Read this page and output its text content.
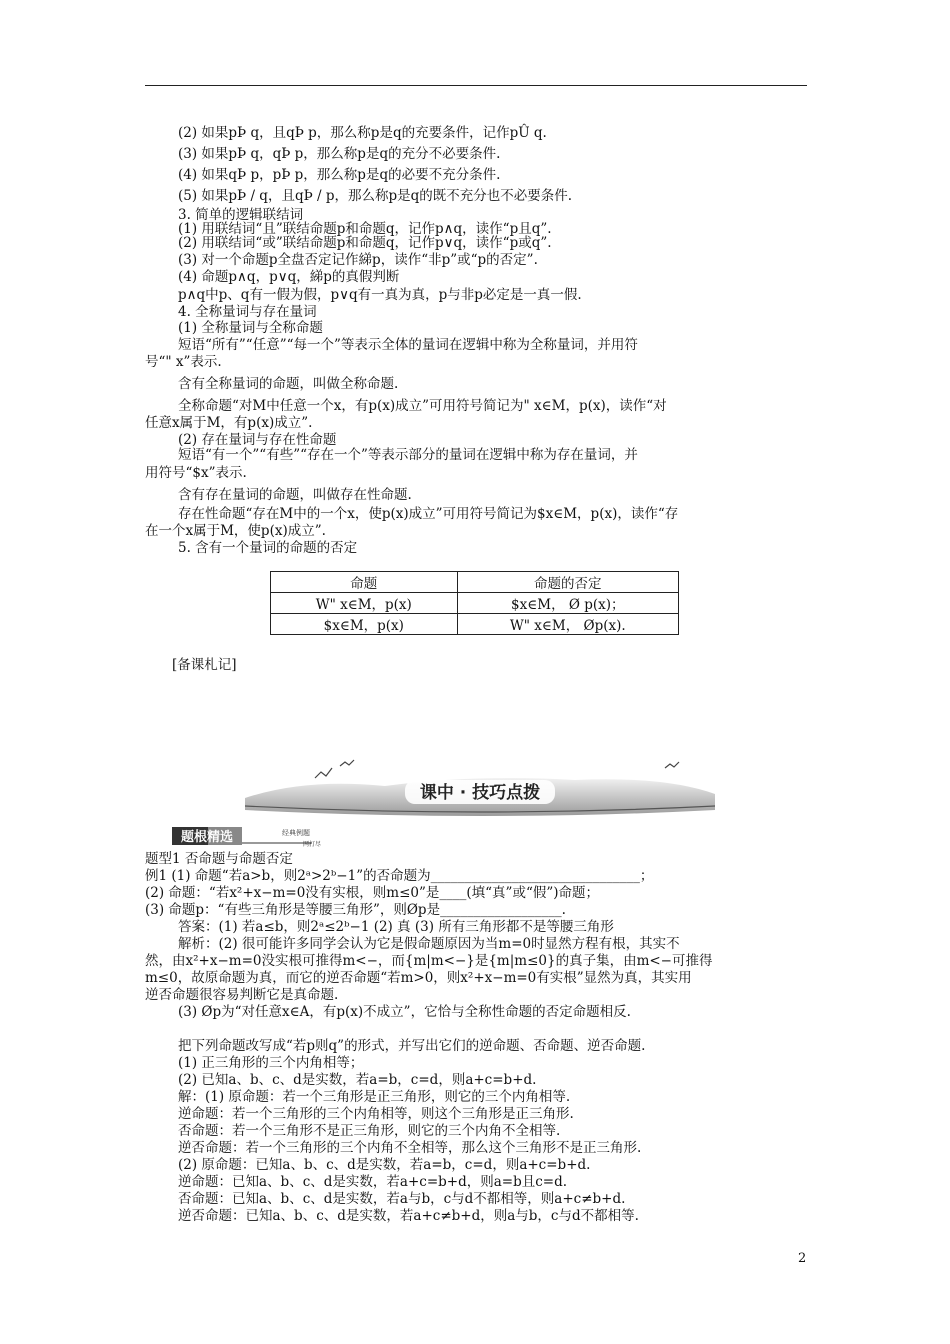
(2) 如果pÞ q，且qÞ p，那么称p是q的充要条件，记作pÛ q.
(3) 如果pÞ q，qÞ p，那么称p是q的充分不必要条件.
(4) 如果qÞ p，pÞ p，那么称p是q的必要不充分条件.
(5) 如果pÞ / q，且qÞ / p，那么称p是q的既不充分也不必要条件.
3. 简单的逻辑联结词
(1) 用联结词“且”联结命题p和命题q，记作p∧q，读作“p且q”.
(2) 用联结词“或”联结命题p和命题q，记作p∨q，读作“p或q”.
(3) 对一个命题p全盘否定记作綈p，读作“非p”或“p的否定”.
(4) 命题p∧q，p∨q，綈p的真假判断
p∧q中p、q有一假为假，p∨q有一真为真，p与非p必定是一真一假.
4. 全称量词与存在量词
(1) 全称量词与全称命题
短语“所有”“任意”“每一个”等表示全体的量词在逻辑中称为全称量词，并用符
号“" x”表示.
含有全称量词的命题，叫做全称命题.
全称命题“对M中任意一个x，有p(x)成立”可用符号简记为" x∈M，p(x)，读作“对
任意x属于M，有p(x)成立”.
(2) 存在量词与存在性命题
短语“有一个”“有些”“存在一个”等表示部分的量词在逻辑中称为存在量词，并
用符号“$x”表示.
含有存在量词的命题，叫做存在性命题.
存在性命题“存在M中的一个x，使p(x)成立”可用符号简记为$x∈M，p(x)，读作“存
在一个x属于M，使p(x)成立”.
5. 含有一个量词的命题的否定
命题	命题的否定
W" x∈M，p(x)	$x∈M， Ø p(x)；
$x∈M，p(x)	W" x∈M， Øp(x).
[备课札记]
课中 · 技巧点拨
题根精选	经典例题
一网打尽
题型1 否命题与命题否定
例1 (1) 命题“若a>b，则2ᵃ>2ᵇ−1”的否命题为_______________________________；
(2) 命题：“若x²+x−m=0没有实根，则m≤0”是____(填“真”或“假”)命题；
(3) 命题p：“有些三角形是等腰三角形”，则Øp是__________________.
答案：(1) 若a≤b，则2ᵃ≤2ᵇ−1 (2) 真 (3) 所有三角形都不是等腰三角形
解析：(2) 很可能许多同学会认为它是假命题原因为当m=0时显然方程有根，其实不
然，由x²+x−m=0没实根可推得m<−，而{m|m<−}是{m|m≤0}的真子集，由m<−可推得
m≤0，故原命题为真，而它的逆否命题“若m>0，则x²+x−m=0有实根”显然为真，其实用
逆否命题很容易判断它是真命题.
(3) Øp为“对任意x∈A，有p(x)不成立”，它恰与全称性命题的否定命题相反.
把下列命题改写成“若p则q”的形式，并写出它们的逆命题、否命题、逆否命题.
(1) 正三角形的三个内角相等；
(2) 已知a、b、c、d是实数，若a=b，c=d，则a+c=b+d.
解：(1) 原命题：若一个三角形是正三角形，则它的三个内角相等.
逆命题：若一个三角形的三个内角相等，则这个三角形是正三角形.
否命题：若一个三角形不是正三角形，则它的三个内角不全相等.
逆否命题：若一个三角形的三个内角不全相等，那么这个三角形不是正三角形.
(2) 原命题：已知a、b、c、d是实数，若a=b，c=d，则a+c=b+d.
逆命题：已知a、b、c、d是实数，若a+c=b+d，则a=b且c=d.
否命题：已知a、b、c、d是实数，若a与b，c与d不都相等，则a+c≠b+d.
逆否命题：已知a、b、c、d是实数，若a+c≠b+d，则a与b，c与d不都相等.
2
